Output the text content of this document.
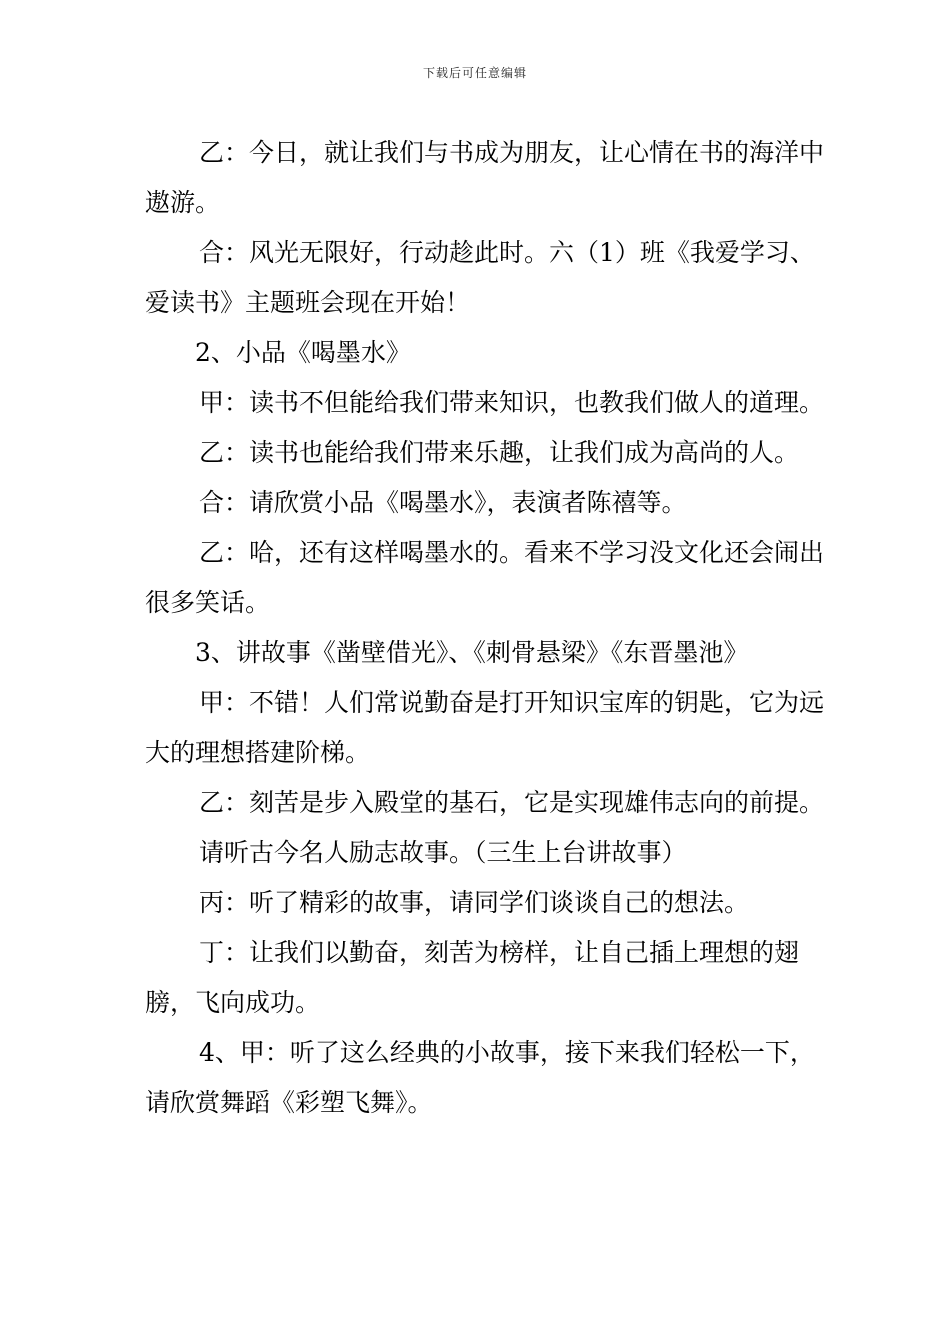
下载后可任意编辑

乙：今日，就让我们与书成为朋友，让心情在书的海洋中遨游。

合：风光无限好，行动趁此时。六（1）班《我爱学习、爱读书》主题班会现在开始！

2、小品《喝墨水》

甲：读书不但能给我们带来知识，也教我们做人的道理。

乙：读书也能给我们带来乐趣，让我们成为高尚的人。

合：请欣赏小品《喝墨水》，表演者陈禧等。

乙：哈，还有这样喝墨水的。看来不学习没文化还会闹出很多笑话。

3、讲故事《凿壁借光》、《刺骨悬梁》《东晋墨池》

甲：不错！人们常说勤奋是打开知识宝库的钥匙，它为远大的理想搭建阶梯。

乙：刻苦是步入殿堂的基石，它是实现雄伟志向的前提。

请听古今名人励志故事。（三生上台讲故事）

丙：听了精彩的故事，请同学们谈谈自己的想法。

丁：让我们以勤奋，刻苦为榜样，让自己插上理想的翅膀，飞向成功。

4、甲：听了这么经典的小故事，接下来我们轻松一下，请欣赏舞蹈《彩塑飞舞》。
